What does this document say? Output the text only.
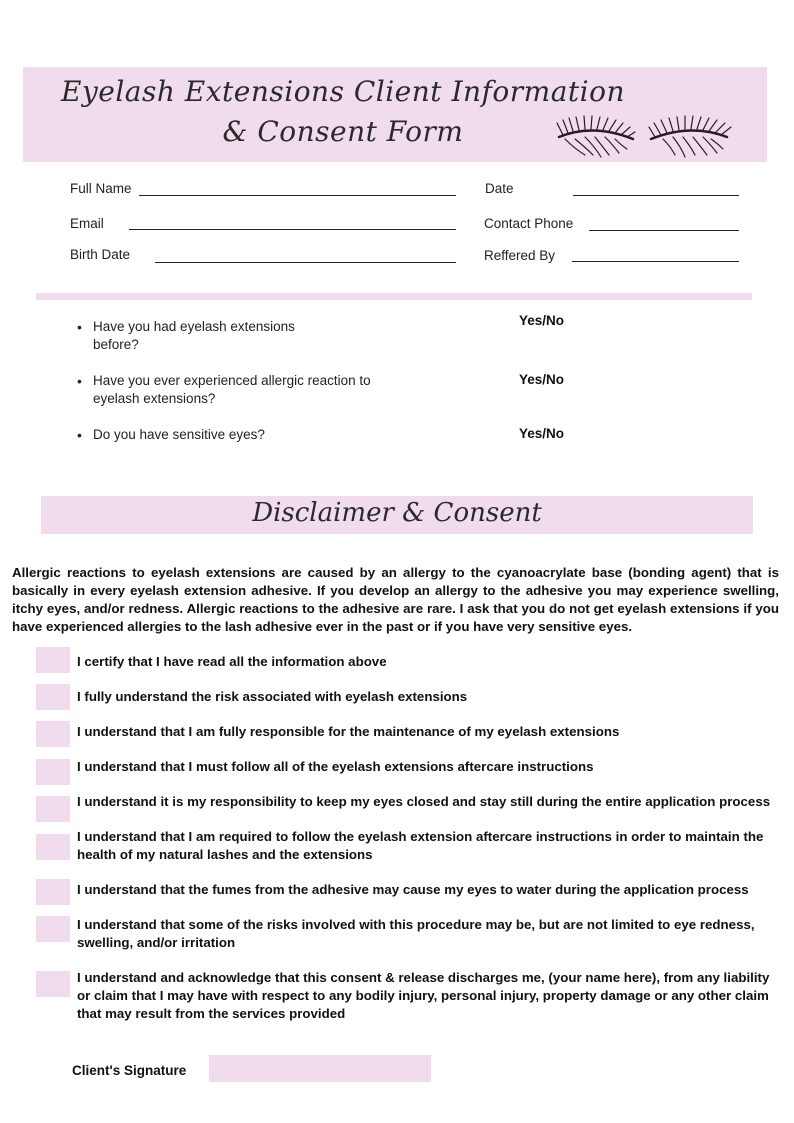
Eyelash Extensions Client Information
& Consent Form
Full Name	Date
Email	Contact Phone
Birth Date	Reffered By
• Have you had eyelash extensions
before?
Yes/No
• Have you ever experienced allergic reaction to
eyelash extensions?
Yes/No
• Do you have sensitive eyes?	Yes/No
Disclaimer & Consent
Allergic reactions to eyelash extensions are caused by an allergy to the cyanoacrylate base (bonding agent) that is basically in every eyelash extension adhesive. If you develop an allergy to the adhesive you may experience swelling, itchy eyes, and/or redness. Allergic reactions to the adhesive are rare. I ask that you do not get eyelash extensions if you have experienced allergies to the lash adhesive ever in the past or if you have very sensitive eyes.
I certify that I have read all the information above
I fully understand the risk associated with eyelash extensions
I understand that I am fully responsible for the maintenance of my eyelash extensions
I understand that I must follow all of the eyelash extensions aftercare instructions
I understand it is my responsibility to keep my eyes closed and stay still during the entire application process
I understand that I am required to follow the eyelash extension aftercare instructions in order to maintain the health of my natural lashes and the extensions
I understand that the fumes from the adhesive may cause my eyes to water during the application process
I understand that some of the risks involved with this procedure may be, but are not limited to eye redness, swelling, and/or irritation
I understand and acknowledge that this consent & release discharges me, (your name here), from any liability or claim that I may have with respect to any bodily injury, personal injury, property damage or any other claim that may result from the services provided
Client's Signature
